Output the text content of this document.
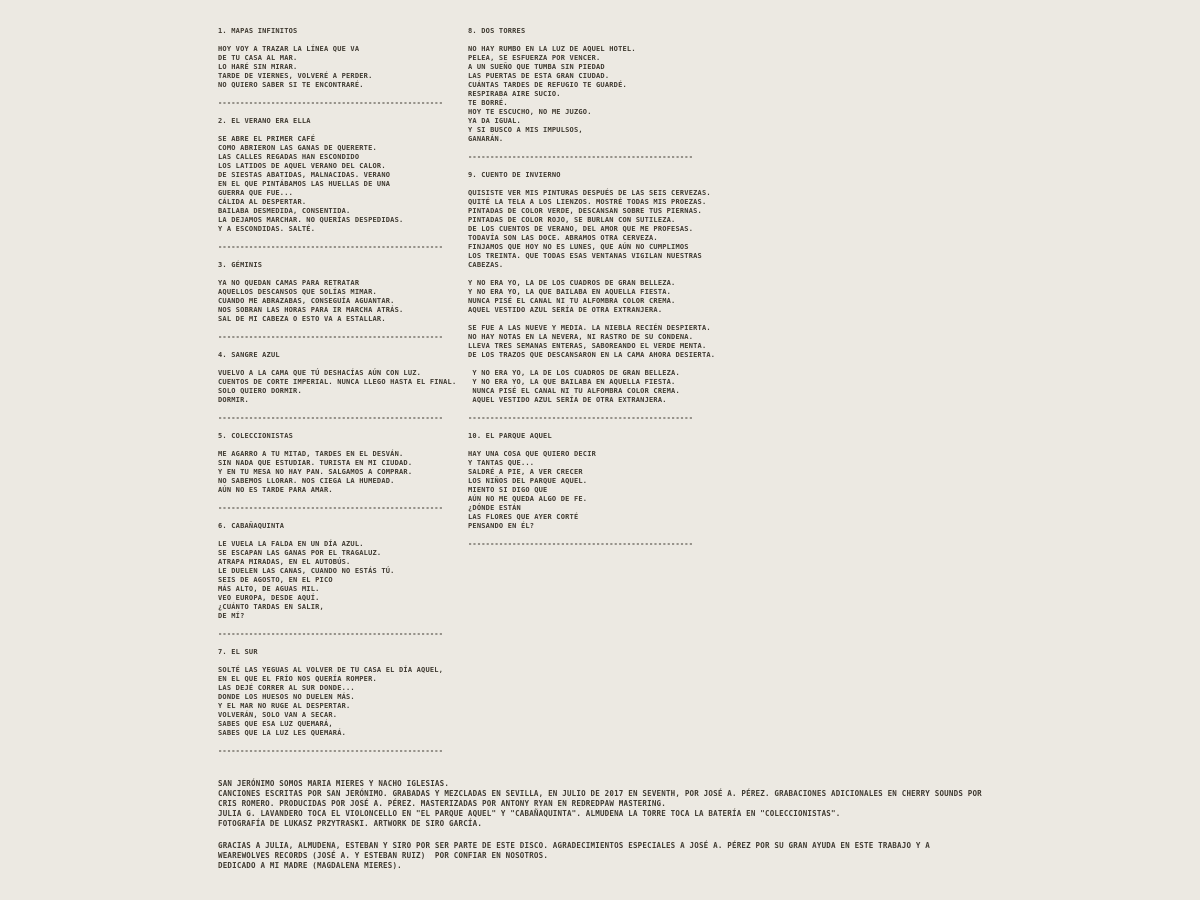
1. MAPAS INFINITOS
HOY VOY A TRAZAR LA LÍNEA QUE VA
DE TU CASA AL MAR.
LO HARÉ SIN MIRAR.
TARDE DE VIERNES, VOLVERÉ A PERDER.
NO QUIERO SABER SI TE ENCONTRARÉ.
---------------------------------------------------
2. EL VERANO ERA ELLA
SE ABRE EL PRIMER CAFÉ
COMO ABRIERON LAS GANAS DE QUERERTE.
LAS CALLES REGADAS HAN ESCONDIDO
LOS LATIDOS DE AQUEL VERANO DEL CALOR.
DE SIESTAS ABATIDAS, MALNACIDAS. VERANO
EN EL QUE PINTÁBAMOS LAS HUELLAS DE UNA
GUERRA QUE FUE...
CÁLIDA AL DESPERTAR.
BAILABA DESMEDIDA, CONSENTIDA.
LA DEJAMOS MARCHAR. NO QUERÍAS DESPEDIDAS.
Y A ESCONDIDAS. SALTÉ.
---------------------------------------------------
3. GÉMINIS
YA NO QUEDAN CAMAS PARA RETRATAR
AQUELLOS DESCANSOS QUE SOLÍAS MIMAR.
CUANDO ME ABRAZABAS, CONSEGUÍA AGUANTAR.
NOS SOBRAN LAS HORAS PARA IR MARCHA ATRÁS.
SAL DE MI CABEZA O ESTO VA A ESTALLAR.
---------------------------------------------------
4. SANGRE AZUL
VUELVO A LA CAMA QUE TÚ DESHACÍAS AÚN CON LUZ.
CUENTOS DE CORTE IMPERIAL. NUNCA LLEGO HASTA EL FINAL.
SOLO QUIERO DORMIR.
DORMIR.
---------------------------------------------------
5. COLECCIONISTAS
ME AGARRO A TU MITAD, TARDES EN EL DESVÁN.
SIN NADA QUE ESTUDIAR. TURISTA EN MI CIUDAD.
Y EN TU MESA NO HAY PAN. SALGAMOS A COMPRAR.
NO SABEMOS LLORAR. NOS CIEGA LA HUMEDAD.
AÚN NO ES TARDE PARA AMAR.
---------------------------------------------------
6. CABAÑAQUINTA
LE VUELA LA FALDA EN UN DÍA AZUL.
SE ESCAPAN LAS GANAS POR EL TRAGALUZ.
ATRAPA MIRADAS, EN EL AUTOBÚS.
LE DUELEN LAS CANAS, CUANDO NO ESTÁS TÚ.
SEIS DE AGOSTO, EN EL PICO
MÁS ALTO, DE AGUAS MIL.
VEO EUROPA, DESDE AQUÍ.
¿CUÁNTO TARDAS EN SALIR,
DE MÍ?
---------------------------------------------------
7. EL SUR
SOLTÉ LAS YEGUAS AL VOLVER DE TU CASA EL DÍA AQUEL,
EN EL QUE EL FRÍO NOS QUERÍA ROMPER.
LAS DEJÉ CORRER AL SUR DONDE...
DONDE LOS HUESOS NO DUELEN MÁS.
Y EL MAR NO RUGE AL DESPERTAR.
VOLVERÁN, SOLO VAN A SECAR.
SABES QUE ESA LUZ QUEMARÁ,
SABES QUE LA LUZ LES QUEMARÁ.
---------------------------------------------------
8. DOS TORRES
NO HAY RUMBO EN LA LUZ DE AQUEL HOTEL.
PELEA, SE ESFUERZA POR VENCER.
A UN SUEÑO QUE TUMBA SIN PIEDAD
LAS PUERTAS DE ESTA GRAN CIUDAD.
CUÁNTAS TARDES DE REFUGIO TE GUARDÉ.
RESPIRABA AIRE SUCIO.
TE BORRÉ.
HOY TE ESCUCHO, NO ME JUZGO.
YA DA IGUAL.
Y SI BUSCO A MIS IMPULSOS,
GANARÁN.
---------------------------------------------------
9. CUENTO DE INVIERNO
QUISISTE VER MIS PINTURAS DESPUÉS DE LAS SEIS CERVEZAS.
QUITÉ LA TELA A LOS LIENZOS. MOSTRÉ TODAS MIS PROEZAS.
PINTADAS DE COLOR VERDE, DESCANSAN SOBRE TUS PIERNAS.
PINTADAS DE COLOR ROJO, SE BURLAN CON SUTILEZA.
DE LOS CUENTOS DE VERANO, DEL AMOR QUE ME PROFESAS.
TODAVÍA SON LAS DOCE. ABRAMOS OTRA CERVEZA.
FINJAMOS QUE HOY NO ES LUNES, QUE AÚN NO CUMPLIMOS
LOS TREINTA. QUE TODAS ESAS VENTANAS VIGILAN NUESTRAS
CABEZAS.
Y NO ERA YO, LA DE LOS CUADROS DE GRAN BELLEZA.
Y NO ERA YO, LA QUE BAILABA EN AQUELLA FIESTA.
NUNCA PISÉ EL CANAL NI TU ALFOMBRA COLOR CREMA.
AQUEL VESTIDO AZUL SERÍA DE OTRA EXTRANJERA.
SE FUE A LAS NUEVE Y MEDIA. LA NIEBLA RECIÉN DESPIERTA.
NO HAY NOTAS EN LA NEVERA, NI RASTRO DE SU CONDENA.
LLEVA TRES SEMANAS ENTERAS, SABOREANDO EL VERDE MENTA.
DE LOS TRAZOS QUE DESCANSARON EN LA CAMA AHORA DESIERTA.
Y NO ERA YO, LA DE LOS CUADROS DE GRAN BELLEZA.
Y NO ERA YO, LA QUE BAILABA EN AQUELLA FIESTA.
NUNCA PISÉ EL CANAL NI TU ALFOMBRA COLOR CREMA.
AQUEL VESTIDO AZUL SERÍA DE OTRA EXTRANJERA.
---------------------------------------------------
10. EL PARQUE AQUEL
HAY UNA COSA QUE QUIERO DECIR
Y TANTAS QUE...
SALDRÉ A PIE, A VER CRECER
LOS NIÑOS DEL PARQUE AQUEL.
MIENTO SI DIGO QUE
AÚN NO ME QUEDA ALGO DE FE.
¿DÓNDE ESTÁN
LAS FLORES QUE AYER CORTÉ
PENSANDO EN ÉL?
---------------------------------------------------
SAN JERÓNIMO SOMOS MARIA MIERES Y NACHO IGLESIAS.
CANCIONES ESCRITAS POR SAN JERÓNIMO. GRABADAS Y MEZCLADAS EN SEVILLA, EN JULIO DE 2017 EN SEVENTH, POR JOSÉ A. PÉREZ. GRABACIONES ADICIONALES EN CHERRY SOUNDS POR
CRIS ROMERO. PRODUCIDAS POR JOSÉ A. PÉREZ. MASTERIZADAS POR ANTONY RYAN EN REDREDPAW MASTERING.
JULIA G. LAVANDERO TOCA EL VIOLONCELLO EN "EL PARQUE AQUEL" Y "CABAÑAQUINTA". ALMUDENA LA TORRE TOCA LA BATERÍA EN "COLECCIONISTAS".
FOTOGRAFÍA DE LUKASZ PRZYTRASKI. ARTWORK DE SIRO GARCÍA.
GRACIAS A JULIA, ALMUDENA, ESTEBAN Y SIRO POR SER PARTE DE ESTE DISCO. AGRADECIMIENTOS ESPECIALES A JOSÉ A. PÉREZ POR SU GRAN AYUDA EN ESTE TRABAJO Y A
WEAREWOLVES RECORDS (JOSÉ A. Y ESTEBAN RUIZ)  POR CONFIAR EN NOSOTROS.
DEDICADO A MI MADRE (MAGDALENA MIERES).
